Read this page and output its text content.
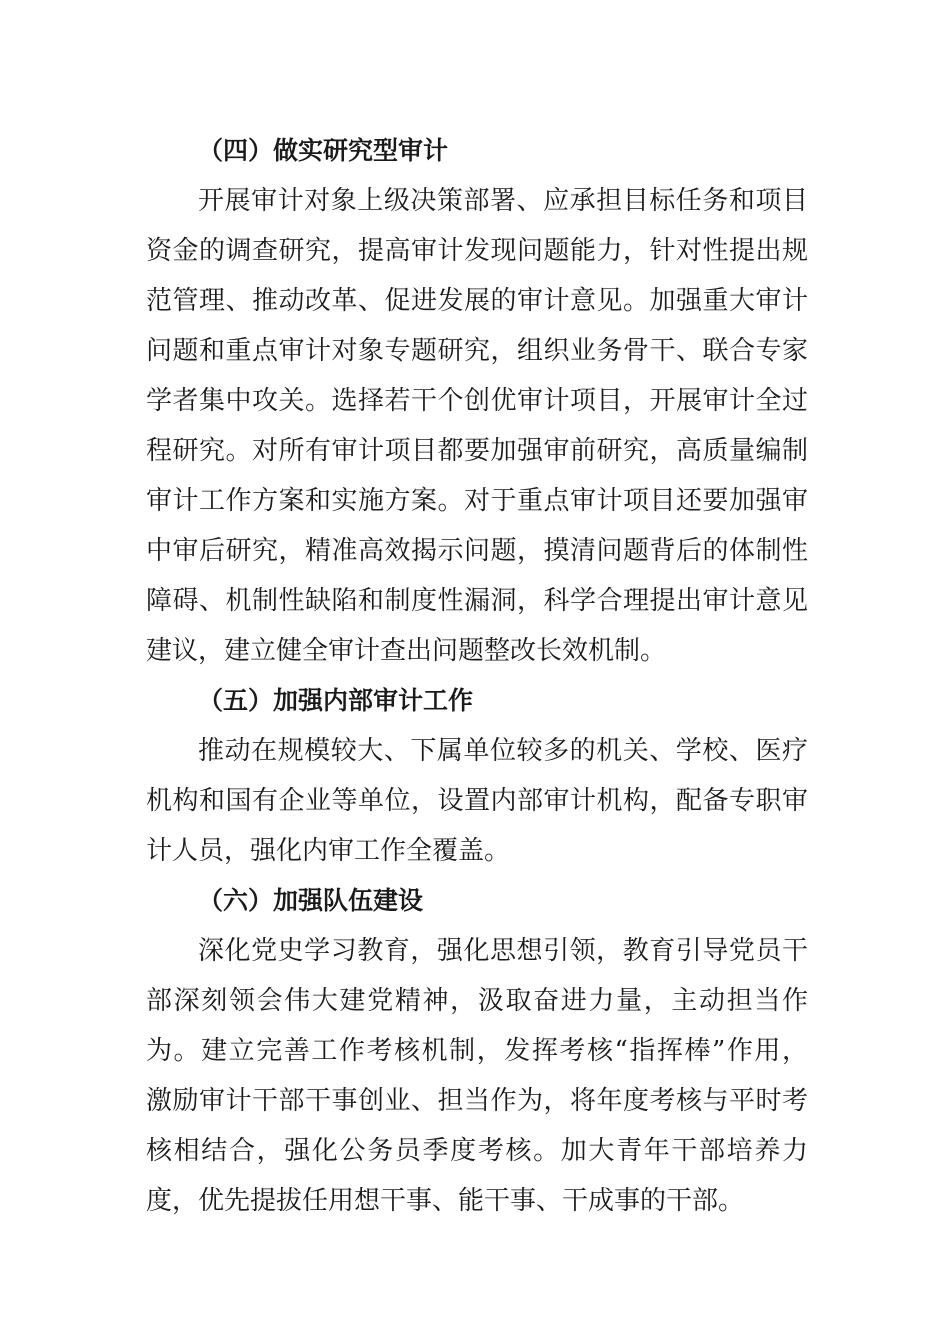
（四）做实研究型审计
开展审计对象上级决策部署、应承担目标任务和项目
资金的调查研究，提高审计发现问题能力，针对性提出规
范管理、推动改革、促进发展的审计意见。加强重大审计
问题和重点审计对象专题研究，组织业务骨干、联合专家
学者集中攻关。选择若干个创优审计项目，开展审计全过
程研究。对所有审计项目都要加强审前研究，高质量编制
审计工作方案和实施方案。对于重点审计项目还要加强审
中审后研究，精准高效揭示问题，摸清问题背后的体制性
障碍、机制性缺陷和制度性漏洞，科学合理提出审计意见
建议，建立健全审计查出问题整改长效机制。
（五）加强内部审计工作
推动在规模较大、下属单位较多的机关、学校、医疗
机构和国有企业等单位，设置内部审计机构，配备专职审
计人员，强化内审工作全覆盖。
（六）加强队伍建设
深化党史学习教育，强化思想引领，教育引导党员干
部深刻领会伟大建党精神，汲取奋进力量，主动担当作
为。建立完善工作考核机制，发挥考核“指挥棒”作用，
激励审计干部干事创业、担当作为，将年度考核与平时考
核相结合，强化公务员季度考核。加大青年干部培养力
度，优先提拔任用想干事、能干事、干成事的干部。
